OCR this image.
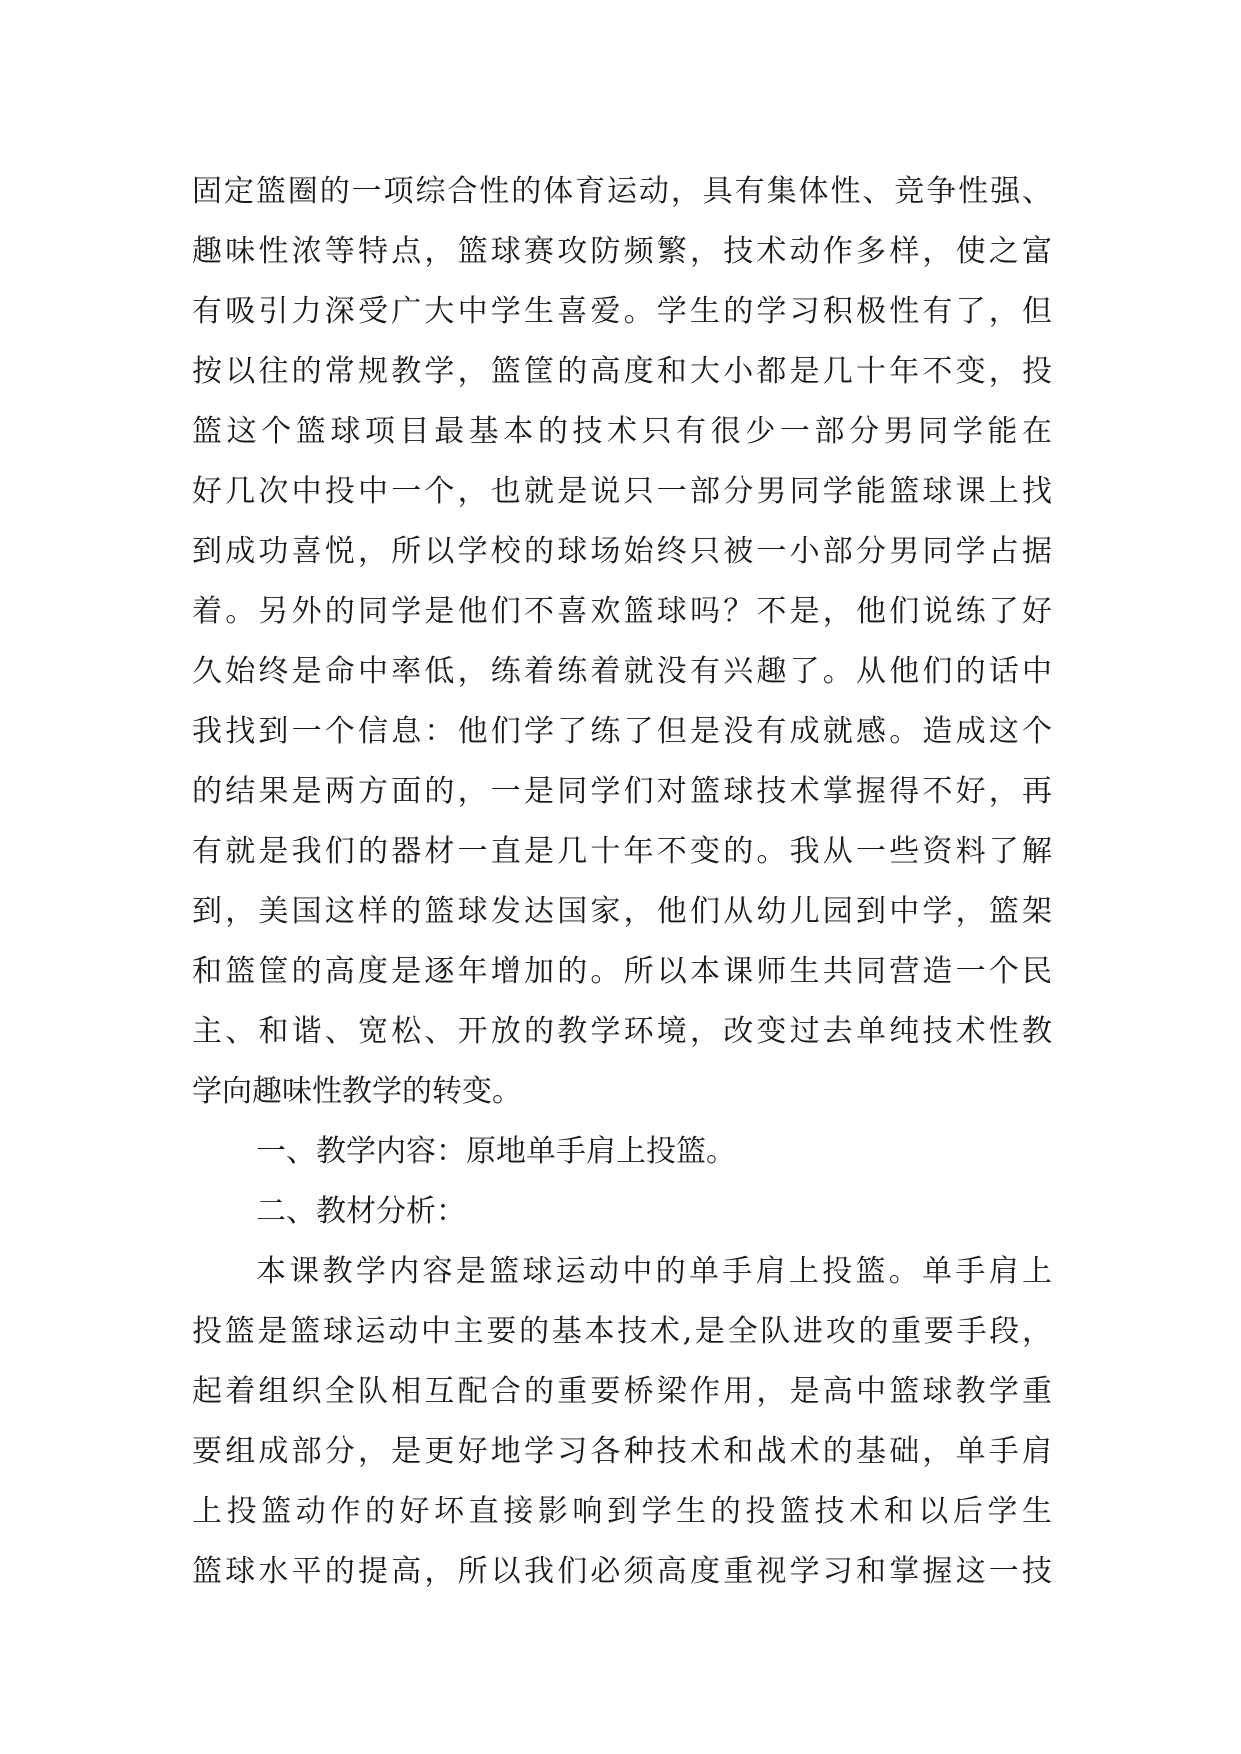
固定篮圈的一项综合性的体育运动，具有集体性、竞争性强、
趣味性浓等特点，篮球赛攻防频繁，技术动作多样，使之富
有吸引力深受广大中学生喜爱。学生的学习积极性有了，但
按以往的常规教学，篮筐的高度和大小都是几十年不变，投
篮这个篮球项目最基本的技术只有很少一部分男同学能在
好几次中投中一个，也就是说只一部分男同学能篮球课上找
到成功喜悦，所以学校的球场始终只被一小部分男同学占据
着。另外的同学是他们不喜欢篮球吗？不是，他们说练了好
久始终是命中率低，练着练着就没有兴趣了。从他们的话中
我找到一个信息：他们学了练了但是没有成就感。造成这个
的结果是两方面的，一是同学们对篮球技术掌握得不好，再
有就是我们的器材一直是几十年不变的。我从一些资料了解
到，美国这样的篮球发达国家，他们从幼儿园到中学，篮架
和篮筐的高度是逐年增加的。所以本课师生共同营造一个民
主、和谐、宽松、开放的教学环境，改变过去单纯技术性教
学向趣味性教学的转变。
一、教学内容：原地单手肩上投篮。
二、教材分析：
本课教学内容是篮球运动中的单手肩上投篮。单手肩上
投篮是篮球运动中主要的基本技术,是全队进攻的重要手段，
起着组织全队相互配合的重要桥梁作用，是高中篮球教学重
要组成部分，是更好地学习各种技术和战术的基础，单手肩
上投篮动作的好坏直接影响到学生的投篮技术和以后学生
篮球水平的提高，所以我们必须高度重视学习和掌握这一技
